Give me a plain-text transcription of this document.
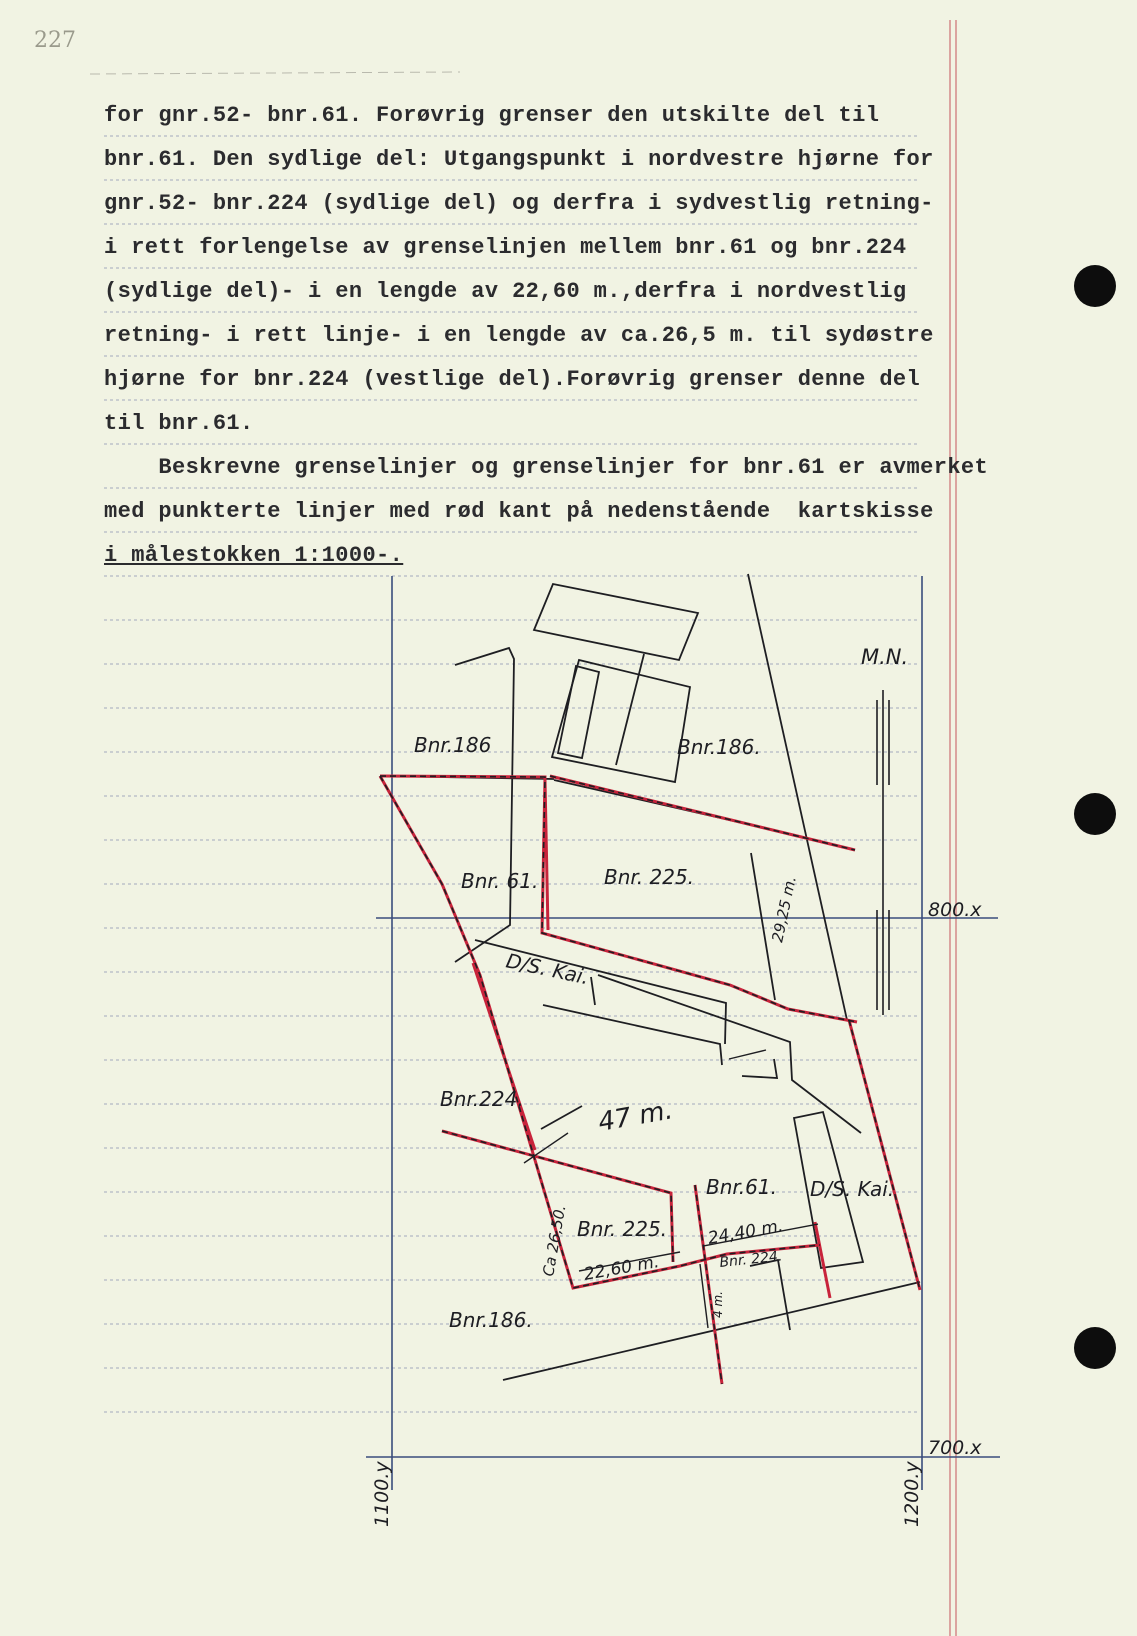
227
for gnr.52- bnr.61. Forøvrig grenser den utskilte del til
bnr.61. Den sydlige del: Utgangspunkt i nordvestre hjørne for
gnr.52- bnr.224 (sydlige del) og derfra i sydvestlig retning-
i rett forlengelse av grenselinjen mellem bnr.61 og bnr.224
(sydlige del)- i en lengde av 22,60 m.,derfra i nordvestlig
retning- i rett linje- i en lengde av ca.26,5 m. til sydøstre
hjørne for bnr.224 (vestlige del).Forøvrig grenser denne del
til bnr.61.
Beskrevne grenselinjer og grenselinjer for bnr.61 er avmerket
med punkterte linjer med rød kant på nedenstående  kartskisse
i målestokken 1:1000-.
M.N.
800.x
700.x
1100.y	1200.y
Bnr.186	Bnr.186.
Bnr. 61.	Bnr. 225.	29,25 m.
D/S. Kai.
Bnr.224.	47 m.
Bnr.61. D/S. Kai.
Ca 26,50. Bnr. 225. 24,40 m.
22,60 m.	Bnr. 224.
4 m.
Bnr.186.
